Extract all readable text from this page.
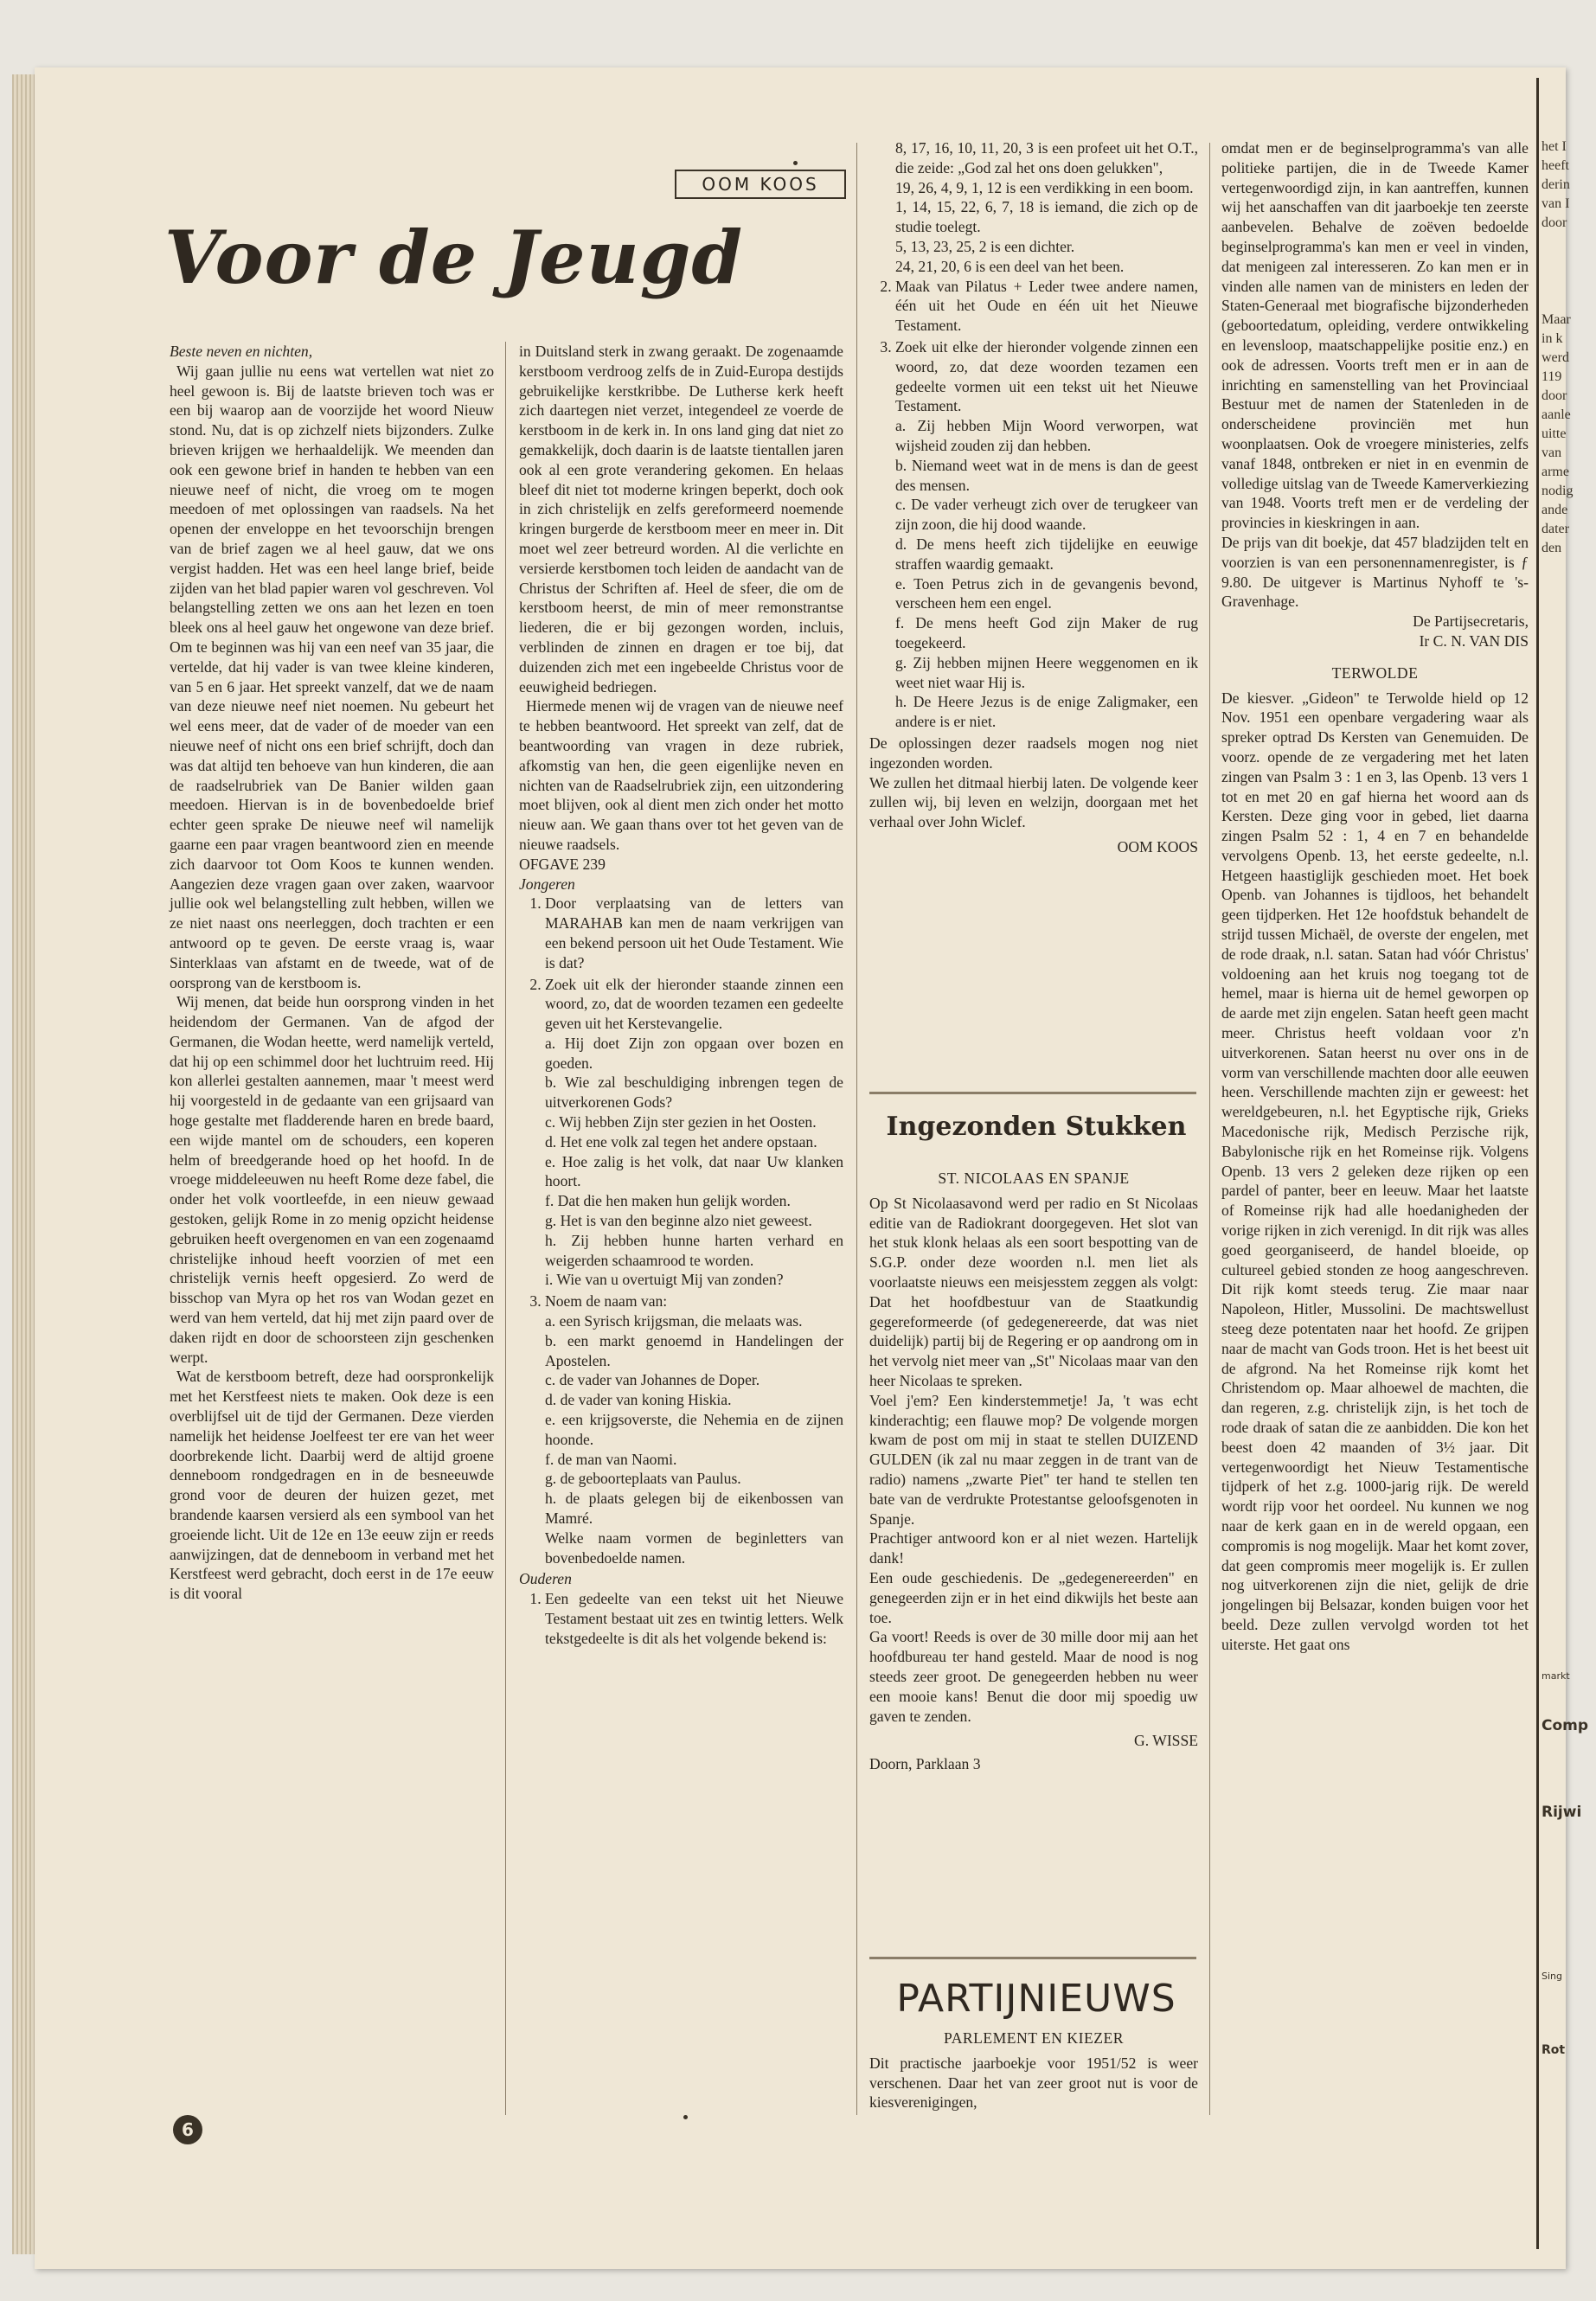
OOM KOOS
Voor de Jeugd

Beste neven en nichten,

Wij gaan jullie nu eens wat vertellen wat niet zo heel gewoon is. Bij de laatste brieven toch was er een bij waarop aan de voorzijde het woord Nieuw stond. Nu, dat is op zichzelf niets bijzonders. Zulke brieven krijgen we herhaaldelijk. We meenden dan ook een gewone brief in handen te hebben van een nieuwe neef of nicht, die vroeg om te mogen meedoen of met oplossingen van raadsels. Na het openen der enveloppe en het tevoorschijn brengen van de brief zagen we al heel gauw, dat we ons vergist hadden. Het was een heel lange brief, beide zijden van het blad papier waren vol geschreven. Vol belangstelling zetten we ons aan het lezen en toen bleek ons al heel gauw het ongewone van deze brief. Om te beginnen was hij van een neef van 35 jaar, die vertelde, dat hij vader is van twee kleine kinderen, van 5 en 6 jaar. Het spreekt vanzelf, dat we de naam van deze nieuwe neef niet noemen. Nu gebeurt het wel eens meer, dat de vader of de moeder van een nieuwe neef of nicht ons een brief schrijft, doch dan was dat altijd ten behoeve van hun kinderen, die aan de raadselrubriek van De Banier wilden gaan meedoen. Hiervan is in de bovenbedoelde brief echter geen sprake De nieuwe neef wil namelijk gaarne een paar vragen beantwoord zien en meende zich daarvoor tot Oom Koos te kunnen wenden. Aangezien deze vragen gaan over zaken, waarvoor jullie ook wel belangstelling zult hebben, willen we ze niet naast ons neerleggen, doch trachten er een antwoord op te geven. De eerste vraag is, waar Sinterklaas van afstamt en de tweede, wat of de oorsprong van de kerstboom is.

Wij menen, dat beide hun oorsprong vinden in het heidendom der Germanen. Van de afgod der Germanen, die Wodan heette, werd namelijk verteld, dat hij op een schimmel door het luchtruim reed. Hij kon allerlei gestalten aannemen, maar 't meest werd hij voorgesteld in de gedaante van een grijsaard van hoge gestalte met fladderende haren en brede baard, een wijde mantel om de schouders, een koperen helm of breedgerande hoed op het hoofd. In de vroege middeleeuwen nu heeft Rome deze fabel, die onder het volk voortleefde, in een nieuw gewaad gestoken, gelijk Rome in zo menig opzicht heidense gebruiken heeft overgenomen en van een zogenaamd christelijke inhoud heeft voorzien of met een christelijk vernis heeft opgesierd. Zo werd de bisschop van Myra op het ros van Wodan gezet en werd van hem verteld, dat hij met zijn paard over de daken rijdt en door de schoorsteen zijn geschenken werpt.

Wat de kerstboom betreft, deze had oorspronkelijk met het Kerstfeest niets te maken. Ook deze is een overblijfsel uit de tijd der Germanen. Deze vierden namelijk het heidense Joelfeest ter ere van het weer doorbrekende licht. Daarbij werd de altijd groene denneboom rondgedragen en in de besneeuwde grond voor de deuren der huizen gezet, met brandende kaarsen versierd als een symbool van het groeiende licht. Uit de 12e en 13e eeuw zijn er reeds aanwijzingen, dat de denneboom in verband met het Kerstfeest werd gebracht, doch eerst in de 17e eeuw is dit vooral

in Duitsland sterk in zwang geraakt. De zogenaamde kerstboom verdroog zelfs de in Zuid-Europa destijds gebruikelijke kerstkribbe. De Lutherse kerk heeft zich daartegen niet verzet, integendeel ze voerde de kerstboom in de kerk in. In ons land ging dat niet zo gemakkelijk, doch daarin is de laatste tientallen jaren ook al een grote verandering gekomen. En helaas bleef dit niet tot moderne kringen beperkt, doch ook in zich christelijk en zelfs gereformeerd noemende kringen burgerde de kerstboom meer en meer in. Dit moet wel zeer betreurd worden. Al die verlichte en versierde kerstbomen toch leiden de aandacht van de Christus der Schriften af. Heel de sfeer, die om de kerstboom heerst, de min of meer remonstrantse liederen, die er bij gezongen worden, incluis, verblinden de zinnen en dragen er toe bij, dat duizenden zich met een ingebeelde Christus voor de eeuwigheid bedriegen.

Hiermede menen wij de vragen van de nieuwe neef te hebben beantwoord. Het spreekt van zelf, dat de beantwoording van vragen in deze rubriek, afkomstig van hen, die geen eigenlijke neven en nichten van de Raadselrubriek zijn, een uitzondering moet blijven, ook al dient men zich onder het motto nieuw aan. We gaan thans over tot het geven van de nieuwe raadsels.

OFGAVE 239

Jongeren

1. Door verplaatsing van de letters van MARAHAB kan men de naam verkrijgen van een bekend persoon uit het Oude Testament. Wie is dat?
2. Zoek uit elk der hieronder staande zinnen een woord, zo, dat de woorden tezamen een gedeelte geven uit het Kerstevangelie.
a. Hij doet Zijn zon opgaan over bozen en goeden.
b. Wie zal beschuldiging inbrengen tegen de uitverkorenen Gods?
c. Wij hebben Zijn ster gezien in het Oosten.
d. Het ene volk zal tegen het andere opstaan.
e. Hoe zalig is het volk, dat naar Uw klanken hoort.
f. Dat die hen maken hun gelijk worden.
g. Het is van den beginne alzo niet geweest.
h. Zij hebben hunne harten verhard en weigerden schaamrood te worden.
i. Wie van u overtuigt Mij van zonden?
3. Noem de naam van:
a. een Syrisch krijgsman, die melaats was.
b. een markt genoemd in Handelingen der Apostelen.
c. de vader van Johannes de Doper.
d. de vader van koning Hiskia.
e. een krijgsoverste, die Nehemia en de zijnen hoonde.
f. de man van Naomi.
g. de geboorteplaats van Paulus.
h. de plaats gelegen bij de eikenbossen van Mamré.
Welke naam vormen de beginletters van bovenbedoelde namen.

Ouderen

1. Een gedeelte van een tekst uit het Nieuwe Testament bestaat uit zes en twintig letters. Welk tekstgedeelte is dit als het volgende bekend is:
8, 17, 16, 10, 11, 20, 3 is een profeet uit het O.T., die zeide: „God zal het ons doen gelukken",
19, 26, 4, 9, 1, 12 is een verdikking in een boom.
1, 14, 15, 22, 6, 7, 18 is iemand, die zich op de studie toelegt.
5, 13, 23, 25, 2 is een dichter.
24, 21, 20, 6 is een deel van het been.
2. Maak van Pilatus + Leder twee andere namen, één uit het Oude en één uit het Nieuwe Testament.
3. Zoek uit elke der hieronder volgende zinnen een woord, zo, dat deze woorden tezamen een gedeelte vormen uit een tekst uit het Nieuwe Testament.
a. Zij hebben Mijn Woord verworpen, wat wijsheid zouden zij dan hebben.
b. Niemand weet wat in de mens is dan de geest des mensen.
c. De vader verheugt zich over de terugkeer van zijn zoon, die hij dood waande.
d. De mens heeft zich tijdelijke en eeuwige straffen waardig gemaakt.
e. Toen Petrus zich in de gevangenis bevond, verscheen hem een engel.
f. De mens heeft God zijn Maker de rug toegekeerd.
g. Zij hebben mijnen Heere weggenomen en ik weet niet waar Hij is.
h. De Heere Jezus is de enige Zaligmaker, een andere is er niet.

De oplossingen dezer raadsels mogen nog niet ingezonden worden.

We zullen het ditmaal hierbij laten. De volgende keer zullen wij, bij leven en welzijn, doorgaan met het verhaal over John Wiclef.

OOM KOOS

Ingezonden Stukken

ST. NICOLAAS EN SPANJE

Op St Nicolaasavond werd per radio en St Nicolaas editie van de Radiokrant doorgegeven. Het slot van het stuk klonk helaas als een soort bespotting van de S.G.P. onder deze woorden n.l. men liet als voorlaatste nieuws een meisjesstem zeggen als volgt: Dat het hoofdbestuur van de Staatkundig gegereformeerde (of gedegenereerde, dat was niet duidelijk) partij bij de Regering er op aandrong om in het vervolg niet meer van „St" Nicolaas maar van den heer Nicolaas te spreken.

Voel j'em? Een kinderstemmetje! Ja, 't was echt kinderachtig; een flauwe mop? De volgende morgen kwam de post om mij in staat te stellen DUIZEND GULDEN (ik zal nu maar zeggen in de trant van de radio) namens „zwarte Piet" ter hand te stellen ten bate van de verdrukte Protestantse geloofsgenoten in Spanje.

Prachtiger antwoord kon er al niet wezen. Hartelijk dank!

Een oude geschiedenis. De „gedegenereerden" en genegeerden zijn er in het eind dikwijls het beste aan toe.

Ga voort! Reeds is over de 30 mille door mij aan het hoofdbureau ter hand gesteld. Maar de nood is nog steeds zeer groot. De genegeerden hebben nu weer een mooie kans! Benut die door mij spoedig uw gaven te zenden.

G. WISSE

Doorn, Parklaan 3

PARTIJNIEUWS

PARLEMENT EN KIEZER

Dit practische jaarboekje voor 1951/52 is weer verschenen. Daar het van zeer groot nut is voor de kiesverenigingen,

omdat men er de beginselprogramma's van alle politieke partijen, die in de Tweede Kamer vertegenwoordigd zijn, in kan aantreffen, kunnen wij het aanschaffen van dit jaarboekje ten zeerste aanbevelen. Behalve de zoëven bedoelde beginselprogramma's kan men er veel in vinden, dat menigeen zal interesseren. Zo kan men er in vinden alle namen van de ministers en leden der Staten-Generaal met biografische bijzonderheden (geboortedatum, opleiding, verdere ontwikkeling en levensloop, maatschappelijke positie enz.) en ook de adressen. Voorts treft men er in aan de inrichting en samenstelling van het Provinciaal Bestuur met de namen der Statenleden in de onderscheidene provinciën met hun woonplaatsen. Ook de vroegere ministeries, zelfs vanaf 1848, ontbreken er niet in en evenmin de volledige uitslag van de Tweede Kamerverkiezing van 1948. Voorts treft men er de verdeling der provincies in kieskringen in aan.

De prijs van dit boekje, dat 457 bladzijden telt en voorzien is van een personennamenregister, is ƒ 9.80. De uitgever is Martinus Nyhoff te 's-Gravenhage.

De Partijsecretaris,

Ir C. N. VAN DIS

TERWOLDE

De kiesver. „Gideon" te Terwolde hield op 12 Nov. 1951 een openbare vergadering waar als spreker optrad Ds Kersten van Genemuiden. De voorz. opende de ze vergadering met het laten zingen van Psalm 3 : 1 en 3, las Openb. 13 vers 1 tot en met 20 en gaf hierna het woord aan ds Kersten. Deze ging voor in gebed, liet daarna zingen Psalm 52 : 1, 4 en 7 en behandelde vervolgens Openb. 13, het eerste gedeelte, n.l. Hetgeen haastiglijk geschieden moet. Het boek Openb. van Johannes is tijdloos, het behandelt geen tijdperken. Het 12e hoofdstuk behandelt de strijd tussen Michaël, de overste der engelen, met de rode draak, n.l. satan. Satan had vóór Christus' voldoening aan het kruis nog toegang tot de hemel, maar is hierna uit de hemel geworpen op de aarde met zijn engelen. Satan heeft geen macht meer. Christus heeft voldaan voor z'n uitverkorenen. Satan heerst nu over ons in de vorm van verschillende machten door alle eeuwen heen. Verschillende machten zijn er geweest: het wereldgebeuren, n.l. het Egyptische rijk, Grieks Macedonische rijk, Medisch Perzische rijk, Babylonische rijk en het Romeinse rijk. Volgens Openb. 13 vers 2 geleken deze rijken op een pardel of panter, beer en leeuw. Maar het laatste of Romeinse rijk had alle hoedanigheden der vorige rijken in zich verenigd. In dit rijk was alles goed georganiseerd, de handel bloeide, op cultureel gebied stonden ze hoog aangeschreven. Dit rijk komt steeds terug. Zie maar naar Napoleon, Hitler, Mussolini. De machtswellust steeg deze potentaten naar het hoofd. Ze grijpen naar de macht van Gods troon. Het is het beest uit de afgrond. Na het Romeinse rijk komt het Christendom op. Maar alhoewel de machten, die dan regeren, z.g. christelijk zijn, is het toch de rode draak of satan die ze aanbidden. Die kon het beest doen 42 maanden of 3½ jaar. Dit vertegenwoordigt het Nieuw Testamentische tijdperk of het z.g. 1000-jarig rijk. De wereld wordt rijp voor het oordeel. Nu kunnen we nog naar de kerk gaan en in de wereld opgaan, een compromis is nog mogelijk. Maar het komt zover, dat geen compromis meer mogelijk is. Er zullen nog uitverkorenen zijn die niet, gelijk de drie jongelingen bij Belsazar, konden buigen voor het beeld. Deze zullen vervolgd worden tot het uiterste. Het gaat ons

het I
heeft
derin
van I
door
Maar
in k
werd
119
door
aanle
uitte
van
arme
nodig
ande
dater
den
markt
Comp
Rijwi
Sing
Rot
6
